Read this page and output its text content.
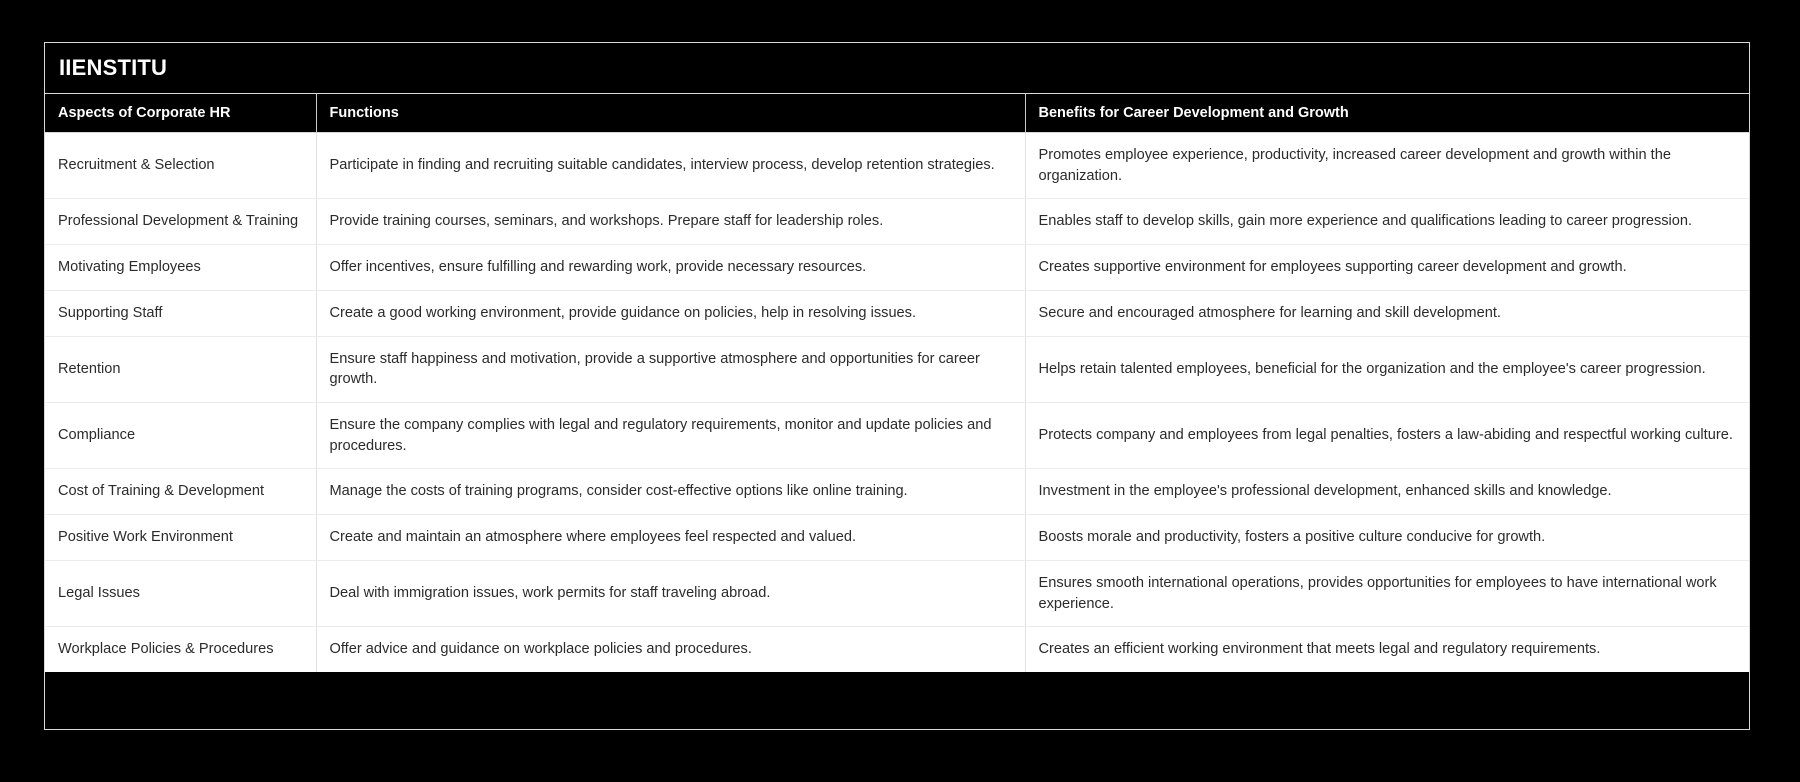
IIENSTITU
Aspects of Corporate HR	Functions	Benefits for Career Development and Growth
Recruitment & Selection	Participate in finding and recruiting suitable candidates, interview process, develop retention strategies.	Promotes employee experience, productivity, increased career development and growth within the organization.
Professional Development & Training	Provide training courses, seminars, and workshops. Prepare staff for leadership roles.	Enables staff to develop skills, gain more experience and qualifications leading to career progression.
Motivating Employees	Offer incentives, ensure fulfilling and rewarding work, provide necessary resources.	Creates supportive environment for employees supporting career development and growth.
Supporting Staff	Create a good working environment, provide guidance on policies, help in resolving issues.	Secure and encouraged atmosphere for learning and skill development.
Retention	Ensure staff happiness and motivation, provide a supportive atmosphere and opportunities for career growth.	Helps retain talented employees, beneficial for the organization and the employee's career progression.
Compliance	Ensure the company complies with legal and regulatory requirements, monitor and update policies and procedures.	Protects company and employees from legal penalties, fosters a law-abiding and respectful working culture.
Cost of Training & Development	Manage the costs of training programs, consider cost-effective options like online training.	Investment in the employee's professional development, enhanced skills and knowledge.
Positive Work Environment	Create and maintain an atmosphere where employees feel respected and valued.	Boosts morale and productivity, fosters a positive culture conducive for growth.
Legal Issues	Deal with immigration issues, work permits for staff traveling abroad.	Ensures smooth international operations, provides opportunities for employees to have international work experience.
Workplace Policies & Procedures	Offer advice and guidance on workplace policies and procedures.	Creates an efficient working environment that meets legal and regulatory requirements.
